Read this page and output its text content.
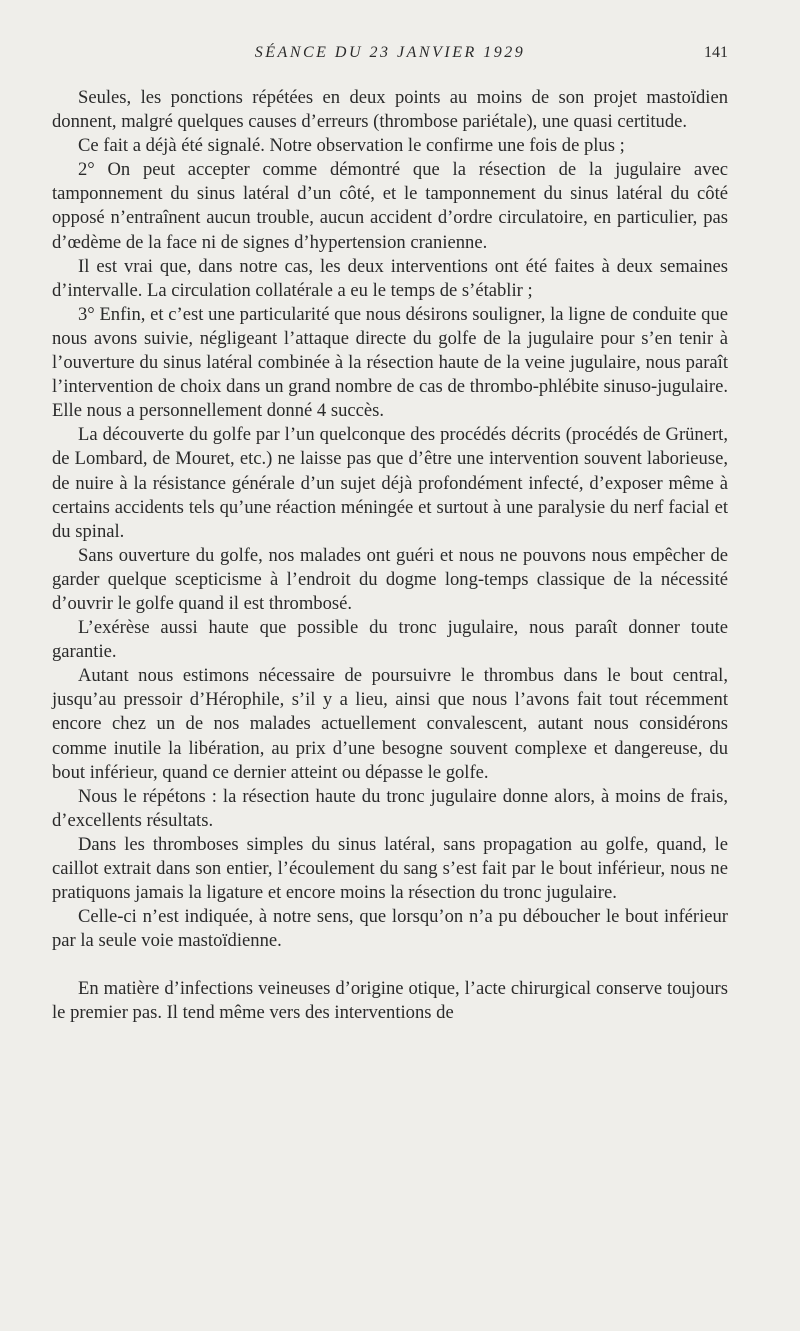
SÉANCE DU 23 JANVIER 1929	141

Seules, les ponctions répétées en deux points au moins de son projet mastoïdien donnent, malgré quelques causes d’erreurs (thrombose pariétale), une quasi certitude.

Ce fait a déjà été signalé. Notre observation le confirme une fois de plus ;

2° On peut accepter comme démontré que la résection de la jugulaire avec tamponnement du sinus latéral d’un côté, et le tamponnement du sinus latéral du côté opposé n’entraînent aucun trouble, aucun accident d’ordre circulatoire, en particulier, pas d’œdème de la face ni de signes d’hypertension cranienne.

Il est vrai que, dans notre cas, les deux interventions ont été faites à deux semaines d’intervalle. La circulation collatérale a eu le temps de s’établir ;

3° Enfin, et c’est une particularité que nous désirons souligner, la ligne de conduite que nous avons suivie, négligeant l’attaque directe du golfe de la jugulaire pour s’en tenir à l’ouverture du sinus latéral combinée à la résection haute de la veine jugulaire, nous paraît l’intervention de choix dans un grand nombre de cas de thrombo-phlébite sinuso-jugulaire. Elle nous a personnellement donné 4 succès.

La découverte du golfe par l’un quelconque des procédés décrits (procédés de Grünert, de Lombard, de Mouret, etc.) ne laisse pas que d’être une intervention souvent laborieuse, de nuire à la résistance générale d’un sujet déjà profondément infecté, d’exposer même à certains accidents tels qu’une réaction méningée et surtout à une paralysie du nerf facial et du spinal.

Sans ouverture du golfe, nos malades ont guéri et nous ne pouvons nous empêcher de garder quelque scepticisme à l’endroit du dogme long-temps classique de la nécessité d’ouvrir le golfe quand il est thrombosé.

L’exérèse aussi haute que possible du tronc jugulaire, nous paraît donner toute garantie.

Autant nous estimons nécessaire de poursuivre le thrombus dans le bout central, jusqu’au pressoir d’Hérophile, s’il y a lieu, ainsi que nous l’avons fait tout récemment encore chez un de nos malades actuellement convalescent, autant nous considérons comme inutile la libération, au prix d’une besogne souvent complexe et dangereuse, du bout inférieur, quand ce dernier atteint ou dépasse le golfe.

Nous le répétons : la résection haute du tronc jugulaire donne alors, à moins de frais, d’excellents résultats.

Dans les thromboses simples du sinus latéral, sans propagation au golfe, quand, le caillot extrait dans son entier, l’écoulement du sang s’est fait par le bout inférieur, nous ne pratiquons jamais la ligature et encore moins la résection du tronc jugulaire.

Celle-ci n’est indiquée, à notre sens, que lorsqu’on n’a pu déboucher le bout inférieur par la seule voie mastoïdienne.

En matière d’infections veineuses d’origine otique, l’acte chirurgical conserve toujours le premier pas. Il tend même vers des interventions de
